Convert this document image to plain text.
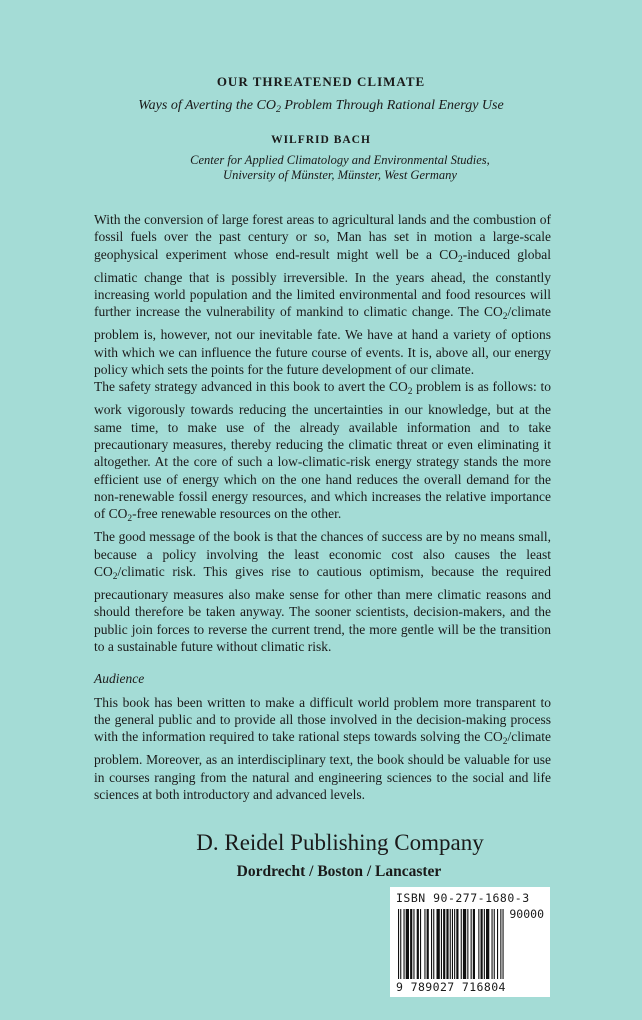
OUR THREATENED CLIMATE
Ways of Averting the $CO_2$ Problem Through Rational Energy Use
WILFRID BACH
Center for Applied Climatology and Environmental Studies,
University of Münster, Münster, West Germany

With the conversion of large forest areas to agricultural lands and the combustion of fossil fuels over the past century or so, Man has set in motion a large-scale geophysical experiment whose end-result might well be a $CO_2$-induced global climatic change that is possibly irreversible. In the years ahead, the constantly increasing world population and the limited environmental and food resources will further increase the vulnerability of mankind to climatic change. The $CO_2$/climate problem is, however, not our inevitable fate. We have at hand a variety of options with which we can influence the future course of events. It is, above all, our energy policy which sets the points for the future development of our climate.

The safety strategy advanced in this book to avert the $CO_2$ problem is as follows: to work vigorously towards reducing the uncertainties in our knowledge, but at the same time, to make use of the already available information and to take precautionary measures, thereby reducing the climatic threat or even eliminating it altogether. At the core of such a low-climatic-risk energy strategy stands the more efficient use of energy which on the one hand reduces the overall demand for the non-renewable fossil energy resources, and which increases the relative importance of $CO_2$-free renewable resources on the other.

The good message of the book is that the chances of success are by no means small, because a policy involving the least economic cost also causes the least $CO_2$/climatic risk. This gives rise to cautious optimism, because the required precautionary measures also make sense for other than mere climatic reasons and should therefore be taken anyway. The sooner scientists, decision-makers, and the public join forces to reverse the current trend, the more gentle will be the transition to a sustainable future without climatic risk.

Audience

This book has been written to make a difficult world problem more transparent to the general public and to provide all those involved in the decision-making process with the information required to take rational steps towards solving the $CO_2$/climate problem. Moreover, as an interdisciplinary text, the book should be valuable for use in courses ranging from the natural and engineering sciences to the social and life sciences at both introductory and advanced levels.

D. Reidel Publishing Company
Dordrecht / Boston / Lancaster
ISBN 90-277-1680-3
90000
9 789027 716804
